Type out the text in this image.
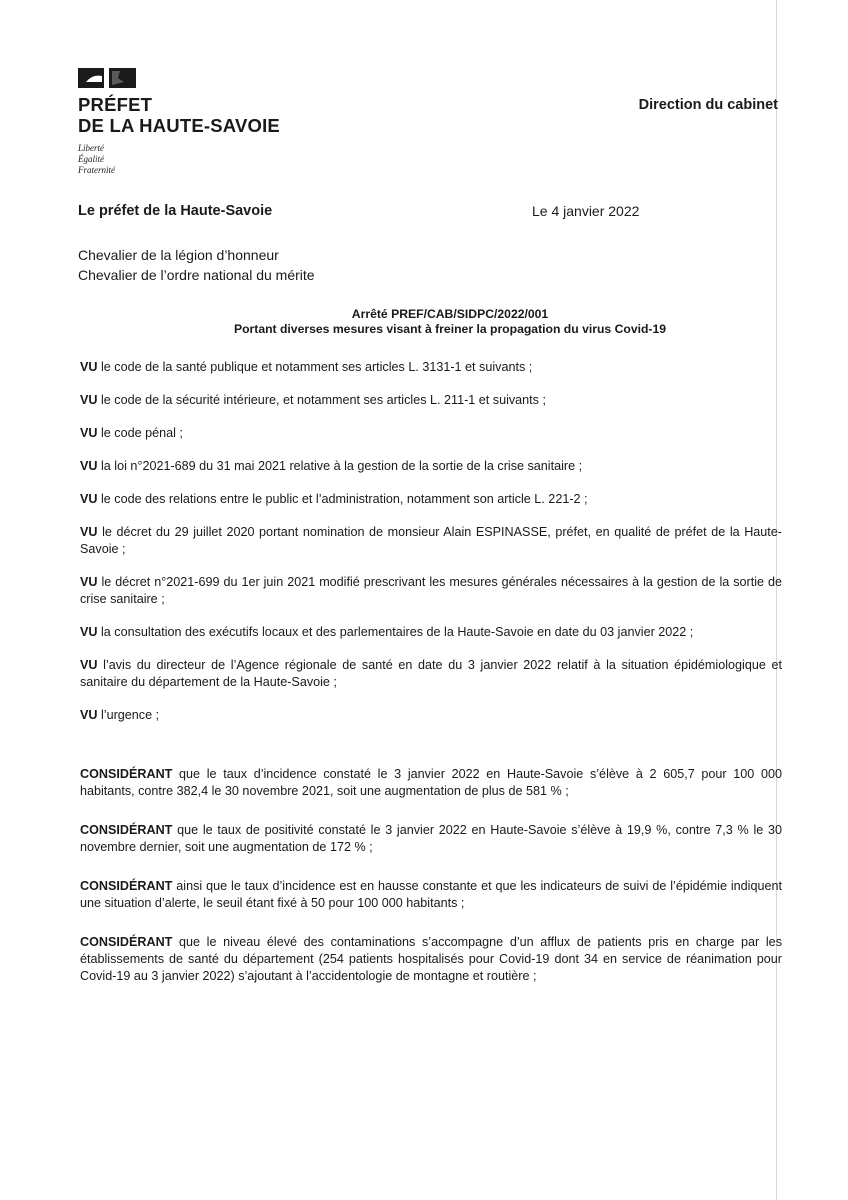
PRÉFET
DE LA HAUTE-SAVOIE
Liberté
Égalité
Fraternité
Direction du cabinet
Le préfet de la Haute-Savoie	Le 4 janvier 2022
Chevalier de la légion d’honneur
Chevalier de l’ordre national du mérite
Arrêté PREF/CAB/SIDPC/2022/001
Portant diverses mesures visant à freiner la propagation du virus Covid-19

VU le code de la santé publique et notamment ses articles L. 3131-1 et suivants ;

VU le code de la sécurité intérieure, et notamment ses articles L. 211-1 et suivants ;

VU le code pénal ;

VU la loi n°2021-689 du 31 mai 2021 relative à la gestion de la sortie de la crise sanitaire ;

VU le code des relations entre le public et l’administration, notamment son article L. 221-2 ;

VU le décret du 29 juillet 2020 portant nomination de monsieur Alain ESPINASSE, préfet, en qualité de préfet de la Haute-Savoie ;

VU le décret n°2021-699 du 1er juin 2021 modifié prescrivant les mesures générales nécessaires à la gestion de la sortie de crise sanitaire ;

VU la consultation des exécutifs locaux et des parlementaires de la Haute-Savoie en date du 03 janvier 2022 ;

VU l’avis du directeur de l’Agence régionale de santé en date du 3 janvier 2022 relatif à la situation épidémiologique et sanitaire du département de la Haute-Savoie ;

VU l’urgence ;

CONSIDÉRANT que le taux d’incidence constaté le 3 janvier 2022 en Haute-Savoie s’élève à 2 605,7 pour 100 000 habitants, contre 382,4 le 30 novembre 2021, soit une augmentation de plus de 581 % ;

CONSIDÉRANT que le taux de positivité constaté le 3 janvier 2022 en Haute-Savoie s’élève à 19,9 %, contre 7,3 % le 30 novembre dernier, soit une augmentation de 172 % ;

CONSIDÉRANT ainsi que le taux d’incidence est en hausse constante et que les indicateurs de suivi de l’épidémie indiquent une situation d’alerte, le seuil étant fixé à 50 pour 100 000 habitants ;

CONSIDÉRANT que le niveau élevé des contaminations s’accompagne d’un afflux de patients pris en charge par les établissements de santé du département (254 patients hospitalisés pour Covid-19 dont 34 en service de réanimation pour Covid-19 au 3 janvier 2022) s’ajoutant à l’accidentologie de montagne et routière ;
